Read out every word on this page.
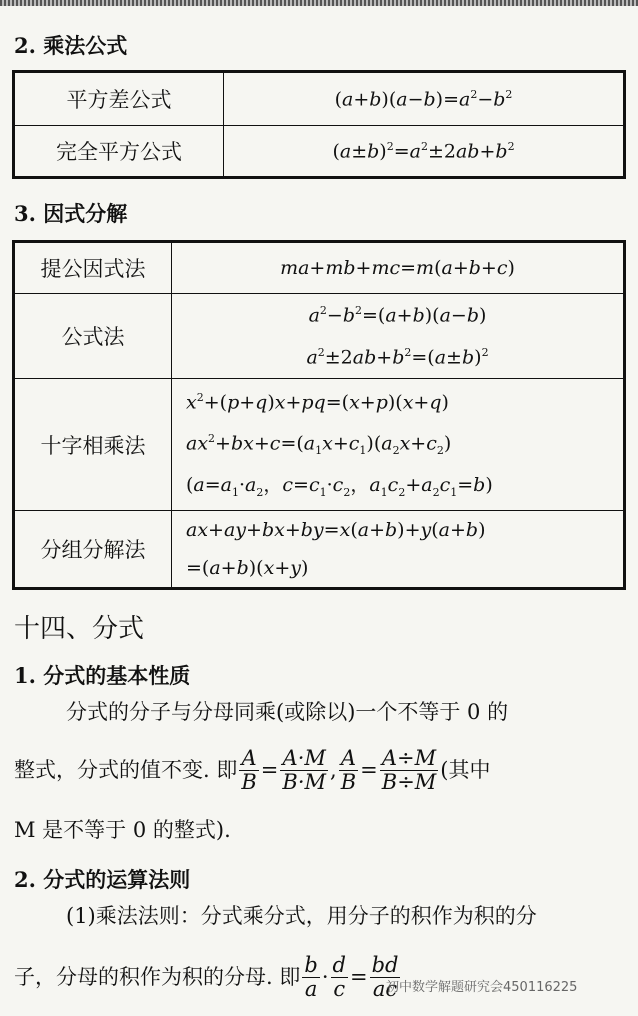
2. 乘法公式
平方差公式	$(a+b)(a-b)=a^2-b^2$
完全平方公式	$(a\pm b)^2=a^2\pm 2ab+b^2$
3. 因式分解
提公因式法	ma+mb+mc=m(a+b+c)
公式法	$a^2-b^2=(a+b)(a-b)$
$a^2\pm 2ab+b^2=(a\pm b)^2$

十字相乘法	$x^2+(p+q)x+pq=(x+p)(x+q)$
$ax^2+bx+c=(a_1x+c_1)(a_2x+c_2)$
($a=a_1\cdot a_2$，$c=c_1\cdot c_2$，$a_1c_2+a_2c_1=b$)

分组分解法	ax+ay+bx+by=x(a+b)+y(a+b)
=(a+b)(x+y)
十四、分式
1. 分式的基本性质
分式的分子与分母同乘(或除以)一个不等于 0 的
整式，分式的值不变. 即 $\frac{A}{B} = \frac{A\cdot M}{B\cdot M}$ , $\frac{A}{B} = \frac{A\div M}{B\div M}$ (其中
M 是不等于 0 的整式).
2. 分式的运算法则
(1)乘法法则：分式乘分式，用分子的积作为积的分
子，分母的积作为积的分母. 即 $\frac{b}{a} \cdot \frac{d}{c} = \frac{bd}{ac}$
初中数学解题研究会450116225
